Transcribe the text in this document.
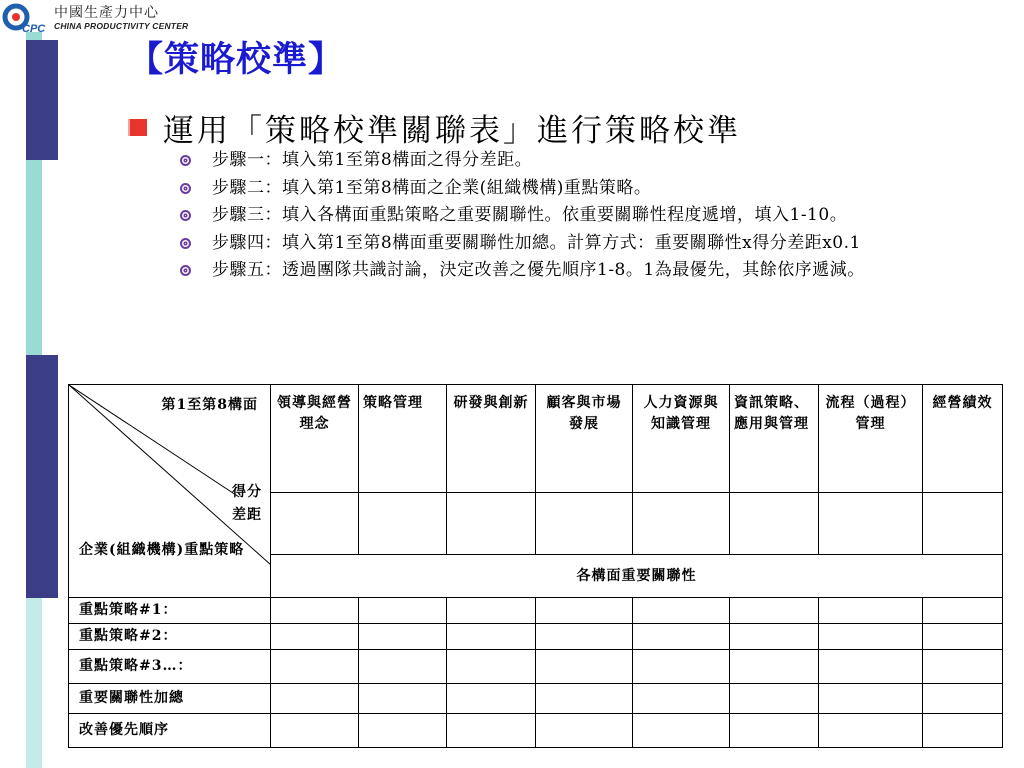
CPC
中國生產力中心
CHINA PRODUCTIVITY CENTER
【策略校準】
運用「策略校準關聯表」進行策略校準
步驟一：填入第1至第8構面之得分差距。
步驟二：填入第1至第8構面之企業(組織機構)重點策略。
步驟三：填入各構面重點策略之重要關聯性。依重要關聯性程度遞增，填入1-10。
步驟四：填入第1至第8構面重要關聯性加總。計算方式：重要關聯性x得分差距x0.1
步驟五：透過團隊共識討論，決定改善之優先順序1-8。1為最優先，其餘依序遞減。
第1至第8構面
得分
差距
企業(組織機構)重點策略	領導與經營理念	策略管理	研發與創新	顧客與市場發展	人力資源與知識管理	資訊策略、應用與管理	流程（過程）管理	經營績效

	各構面重要關聯性							
重點策略#1：								
重點策略#2：								
重點策略#3…：								
重要關聯性加總								
改善優先順序								
